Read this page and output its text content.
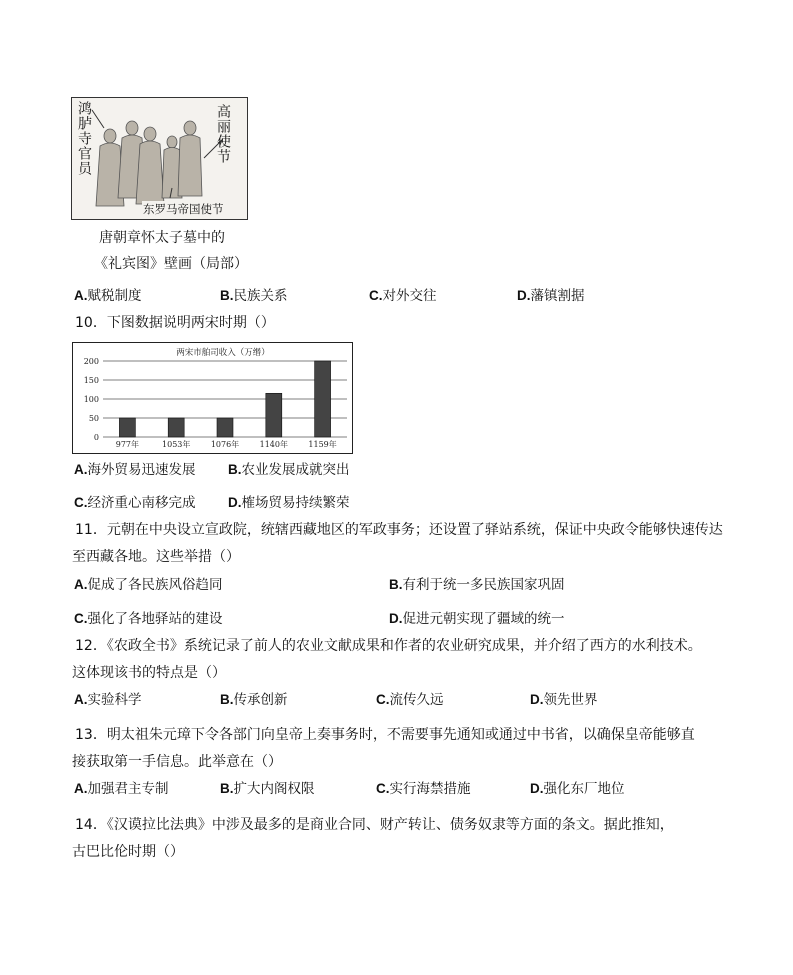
鸿胪寺官员	高丽使节
东罗马帝国使节
唐朝章怀太子墓中的
《礼宾图》壁画（局部）
A.赋税制度	B.民族关系	C.对外交往	D.藩镇割据
10．下图数据说明两宋时期（）
两宋市舶司收入（万缗）
0
50
100
150
200
977年	1053年	1076年	1140年	1159年
A.海外贸易迅速发展 B.农业发展成就突出
C.经济重心南移完成 D.榷场贸易持续繁荣
11．元朝在中央设立宣政院，统辖西藏地区的军政事务；还设置了驿站系统，保证中央政令能够快速传达
至西藏各地。这些举措（）
A.促成了各民族风俗趋同	B.有利于统一多民族国家巩固
C.强化了各地驿站的建设	D.促进元朝实现了疆域的统一
12．《农政全书》系统记录了前人的农业文献成果和作者的农业研究成果，并介绍了西方的水利技术。
这体现该书的特点是（）
A.实验科学	B.传承创新	C.流传久远	D.领先世界
13．明太祖朱元璋下令各部门向皇帝上奏事务时，不需要事先通知或通过中书省，以确保皇帝能够直
接获取第一手信息。此举意在（）
A.加强君主专制	B.扩大内阁权限	C.实行海禁措施	D.强化东厂地位
14．《汉谟拉比法典》中涉及最多的是商业合同、财产转让、债务奴隶等方面的条文。据此推知，
古巴比伦时期（）
